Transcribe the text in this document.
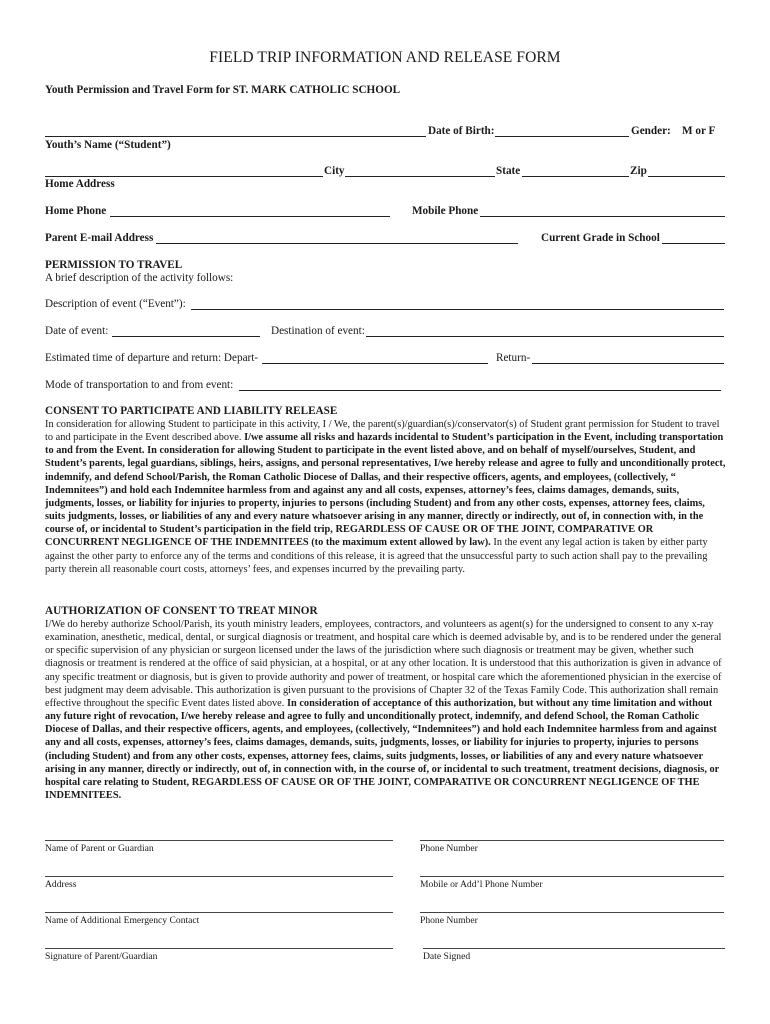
FIELD TRIP INFORMATION AND RELEASE FORM
Youth Permission and Travel Form for ST. MARK CATHOLIC SCHOOL
Date of Birth:	Gender: M or F
Youth’s Name (“Student”)
City	State	Zip
Home Address
Home Phone	Mobile Phone
Parent E-mail Address	Current Grade in School
PERMISSION TO TRAVEL
A brief description of the activity follows:
Description of event (“Event”):
Date of event:	Destination of event:
Estimated time of departure and return: Depart-	Return-
Mode of transportation to and from event:
CONSENT TO PARTICIPATE AND LIABILITY RELEASE
In consideration for allowing Student to participate in this activity, I / We, the parent(s)/guardian(s)/conservator(s) of Student grant permission for Student to travel to and participate in the Event described above. I/we assume all risks and hazards incidental to Student’s participation in the Event, including transportation to and from the Event. In consideration for allowing Student to participate in the event listed above, and on behalf of myself/ourselves, Student, and Student’s parents, legal guardians, siblings, heirs, assigns, and personal representatives, I/we hereby release and agree to fully and unconditionally protect, indemnify, and defend School/Parish, the Roman Catholic Diocese of Dallas, and their respective officers, agents, and employees, (collectively, “ Indemnitees”) and hold each Indemnitee harmless from and against any and all costs, expenses, attorney’s fees, claims damages, demands, suits, judgments, losses, or liability for injuries to property, injuries to persons (including Student) and from any other costs, expenses, attorney fees, claims, suits judgments, losses, or liabilities of any and every nature whatsoever arising in any manner, directly or indirectly, out of, in connection with, in the course of, or incidental to Student’s participation in the field trip, REGARDLESS OF CAUSE OR OF THE JOINT, COMPARATIVE OR CONCURRENT NEGLIGENCE OF THE INDEMNITEES (to the maximum extent allowed by law). In the event any legal action is taken by either party against the other party to enforce any of the terms and conditions of this release, it is agreed that the unsuccessful party to such action shall pay to the prevailing party therein all reasonable court costs, attorneys’ fees, and expenses incurred by the prevailing party.
AUTHORIZATION OF CONSENT TO TREAT MINOR
I/We do hereby authorize School/Parish, its youth ministry leaders, employees, contractors, and volunteers as agent(s) for the undersigned to consent to any x-ray examination, anesthetic, medical, dental, or surgical diagnosis or treatment, and hospital care which is deemed advisable by, and is to be rendered under the general or specific supervision of any physician or surgeon licensed under the laws of the jurisdiction where such diagnosis or treatment may be given, whether such diagnosis or treatment is rendered at the office of said physician, at a hospital, or at any other location. It is understood that this authorization is given in advance of any specific treatment or diagnosis, but is given to provide authority and power of treatment, or hospital care which the aforementioned physician in the exercise of best judgment may deem advisable. This authorization is given pursuant to the provisions of Chapter 32 of the Texas Family Code. This authorization shall remain effective throughout the specific Event dates listed above. In consideration of acceptance of this authorization, but without any time limitation and without any future right of revocation, I/we hereby release and agree to fully and unconditionally protect, indemnify, and defend School, the Roman Catholic Diocese of Dallas, and their respective officers, agents, and employees, (collectively, “Indemnitees”) and hold each Indemnitee harmless from and against any and all costs, expenses, attorney’s fees, claims damages, demands, suits, judgments, losses, or liability for injuries to property, injuries to persons (including Student) and from any other costs, expenses, attorney fees, claims, suits judgments, losses, or liabilities of any and every nature whatsoever arising in any manner, directly or indirectly, out of, in connection with, in the course of, or incidental to such treatment, treatment decisions, diagnosis, or hospital care relating to Student, REGARDLESS OF CAUSE OR OF THE JOINT, COMPARATIVE OR CONCURRENT NEGLIGENCE OF THE INDEMNITEES.
Name of Parent or Guardian	Phone Number
Address	Mobile or Add’l Phone Number
Name of Additional Emergency Contact	Phone Number
Signature of Parent/Guardian	Date Signed
